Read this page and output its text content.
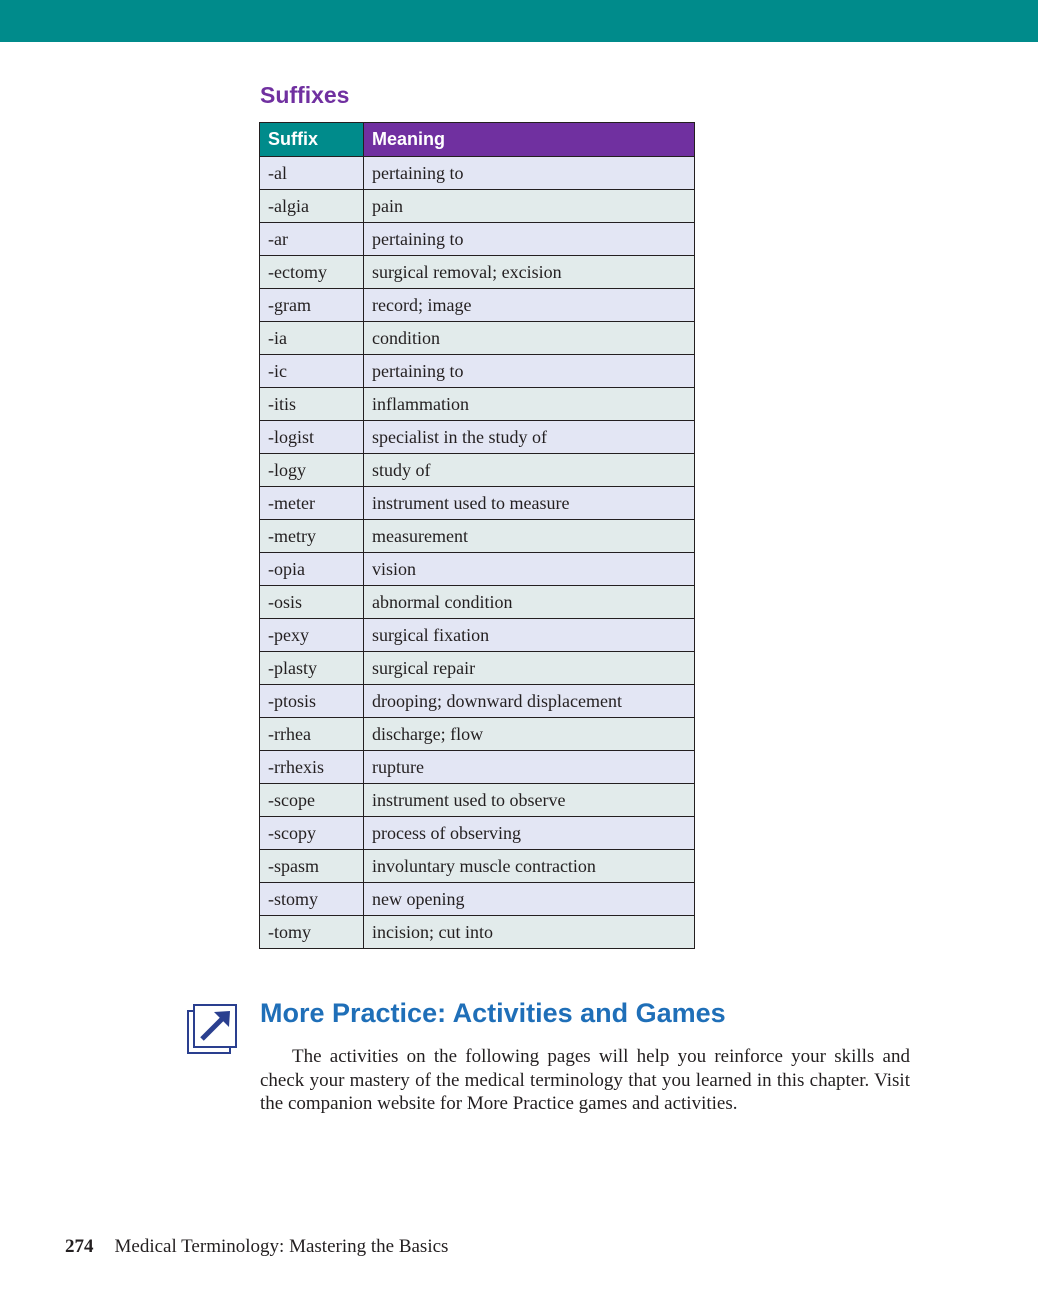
Suffixes
Suffix	Meaning
-al	pertaining to
-algia	pain
-ar	pertaining to
-ectomy	surgical removal; excision
-gram	record; image
-ia	condition
-ic	pertaining to
-itis	inflammation
-logist	specialist in the study of
-logy	study of
-meter	instrument used to measure
-metry	measurement
-opia	vision
-osis	abnormal condition
-pexy	surgical fixation
-plasty	surgical repair
-ptosis	drooping; downward displacement
-rrhea	discharge; flow
-rrhexis	rupture
-scope	instrument used to observe
-scopy	process of observing
-spasm	involuntary muscle contraction
-stomy	new opening
-tomy	incision; cut into
More Practice: Activities and Games

The activities on the following pages will help you reinforce your skills and check your mastery of the medical terminology that you learned in this chapter. Visit the companion website for More Practice games and activities.

274 Medical Terminology: Mastering the Basics
